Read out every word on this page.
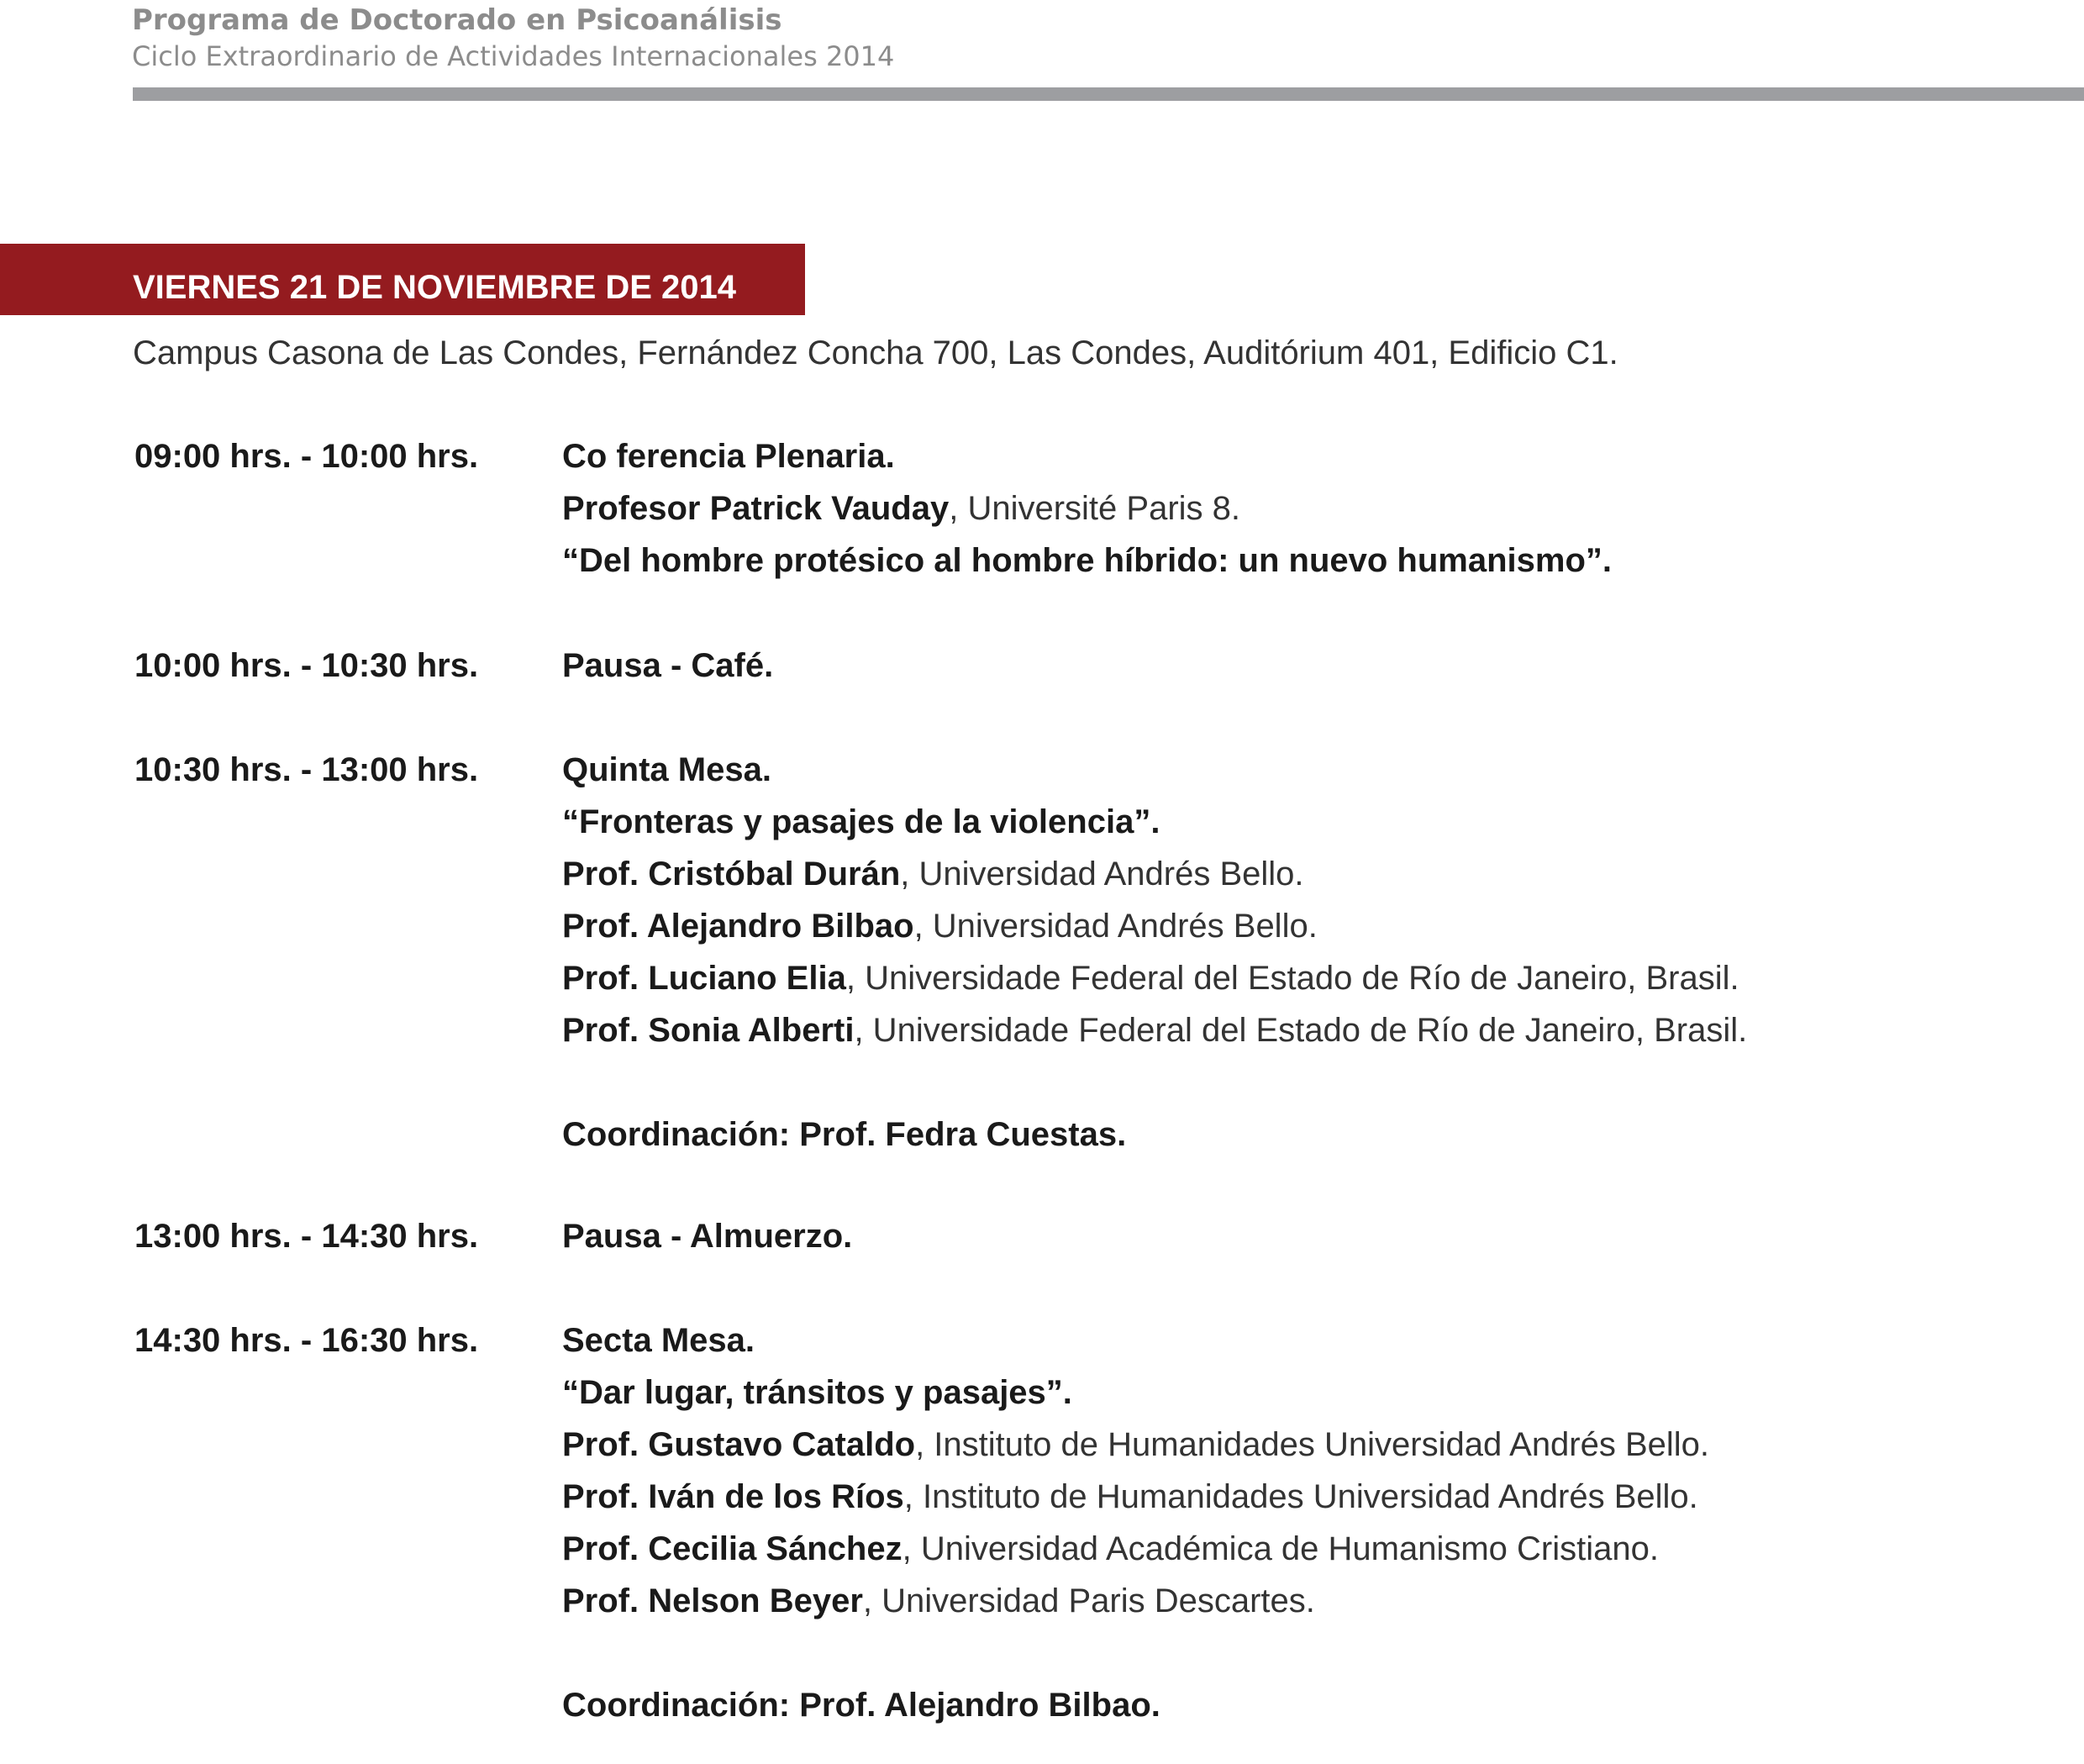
Programa de Doctorado en Psicoanálisis
Ciclo Extraordinario de Actividades Internacionales 2014
VIERNES 21 DE NOVIEMBRE DE 2014
Campus Casona de Las Condes, Fernández Concha 700, Las Condes, Auditórium 401, Edificio C1.
09:00 hrs. - 10:00 hrs. Co ferencia Plenaria.
Profesor Patrick Vauday, Université Paris 8.
“Del hombre protésico al hombre híbrido: un nuevo humanismo”.
10:00 hrs. - 10:30 hrs. Pausa - Café.
10:30 hrs. - 13:00 hrs. Quinta Mesa.
“Fronteras y pasajes de la violencia”.
Prof. Cristóbal Durán, Universidad Andrés Bello.
Prof. Alejandro Bilbao, Universidad Andrés Bello.
Prof. Luciano Elia, Universidade Federal del Estado de Río de Janeiro, Brasil.
Prof. Sonia Alberti, Universidade Federal del Estado de Río de Janeiro, Brasil.
Coordinación: Prof. Fedra Cuestas.
13:00 hrs. - 14:30 hrs. Pausa - Almuerzo.
14:30 hrs. - 16:30 hrs. Secta Mesa.
“Dar lugar, tránsitos y pasajes”.
Prof. Gustavo Cataldo, Instituto de Humanidades Universidad Andrés Bello.
Prof. Iván de los Ríos, Instituto de Humanidades Universidad Andrés Bello.
Prof. Cecilia Sánchez, Universidad Académica de Humanismo Cristiano.
Prof. Nelson Beyer, Universidad Paris Descartes.
Coordinación: Prof. Alejandro Bilbao.
